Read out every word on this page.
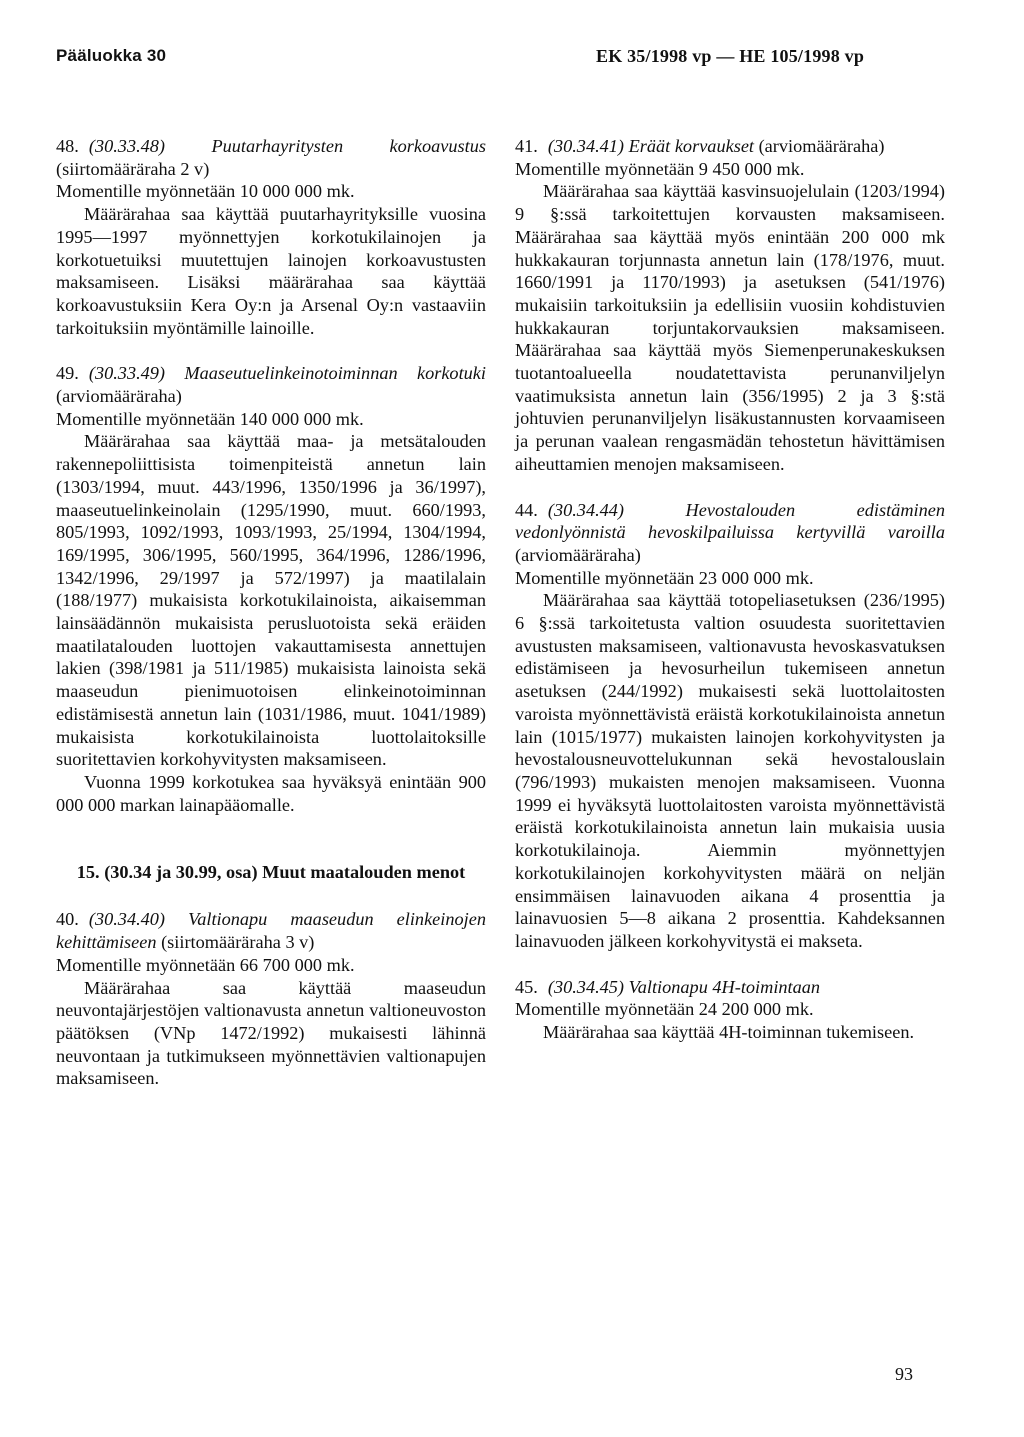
Pääluokka 30	EK 35/1998 vp — HE 105/1998 vp

48. (30.33.48)	Puutarhayritysten korkoavustus (siirtomääräraha 2 v)

Momentille myönnetään 10 000 000 mk.

Määrärahaa saa käyttää puutarhayrityksille vuosina 1995—1997 myönnettyjen korkotukilainojen ja korkotuetuiksi muutettujen lainojen korkoavustusten maksamiseen. Lisäksi määrärahaa saa käyttää korkoavustuksiin Kera Oy:n ja Arsenal Oy:n vastaaviin tarkoituksiin myöntämille lainoille.

49. (30.33.49) Maaseutuelinkeinotoiminnan korkotuki (arviomääräraha)

Momentille myönnetään 140 000 000 mk.

Määrärahaa saa käyttää maa- ja metsätalouden rakennepoliittisista toimenpiteistä annetun lain (1303/1994, muut. 443/1996, 1350/1996 ja 36/1997), maaseutuelinkeinolain (1295/1990, muut. 660/1993, 805/1993, 1092/1993, 1093/1993, 25/1994, 1304/1994, 169/1995, 306/1995, 560/1995, 364/1996, 1286/1996, 1342/1996, 29/1997 ja 572/1997) ja maatilalain (188/1977) mukaisista korkotukilainoista, aikaisemman lainsäädännön mukaisista perusluotoista sekä eräiden maatilatalouden luottojen vakauttamisesta annettujen lakien (398/1981 ja 511/1985) mukaisista lainoista sekä maaseudun pienimuotoisen elinkeinotoiminnan edistämisestä annetun lain (1031/1986, muut. 1041/1989) mukaisista korkotukilainoista luottolaitoksille suoritettavien korkohyvitysten maksamiseen.

Vuonna 1999 korkotukea saa hyväksyä enintään 900 000 000 markan lainapääomalle.

15. (30.34 ja 30.99, osa) Muut maatalouden menot

40. (30.34.40) Valtionapu maaseudun elinkeinojen kehittämiseen (siirtomääräraha 3 v)

Momentille myönnetään 66 700 000 mk.

Määrärahaa saa käyttää maaseudun neuvontajärjestöjen valtionavusta annetun valtioneuvoston päätöksen (VNp 1472/1992) mukaisesti lähinnä neuvontaan ja tutkimukseen myönnettävien valtionapujen maksamiseen.

41. (30.34.41) Eräät korvaukset (arviomääräraha)

Momentille myönnetään 9 450 000 mk.

Määrärahaa saa käyttää kasvinsuojelulain (1203/1994) 9 §:ssä tarkoitettujen korvausten maksamiseen. Määrärahaa saa käyttää myös enintään 200 000 mk hukkakauran torjunnasta annetun lain (178/1976, muut. 1660/1991 ja 1170/1993) ja asetuksen (541/1976) mukaisiin tarkoituksiin ja edellisiin vuosiin kohdistuvien hukkakauran torjuntakorvauksien maksamiseen. Määrärahaa saa käyttää myös Siemenperunakeskuksen tuotantoalueella noudatettavista perunanviljelyn vaatimuksista annetun lain (356/1995) 2 ja 3 §:stä johtuvien perunanviljelyn lisäkustannusten korvaamiseen ja perunan vaalean rengasmädän tehostetun hävittämisen aiheuttamien menojen maksamiseen.

44. (30.34.44)	Hevostalouden edistäminen vedonlyönnistä hevoskilpailuissa kertyvillä varoilla (arviomääräraha)

Momentille myönnetään 23 000 000 mk.

Määrärahaa saa käyttää totopeliasetuksen (236/1995) 6 §:ssä tarkoitetusta valtion osuudesta suoritettavien avustusten maksamiseen, valtionavusta hevoskasvatuksen edistämiseen ja hevosurheilun tukemiseen annetun asetuksen (244/1992) mukaisesti sekä luottolaitosten varoista myönnettävistä eräistä korkotukilainoista annetun lain (1015/1977) mukaisten lainojen korkohyvitysten ja hevostalousneuvottelukunnan sekä hevostalouslain (796/1993) mukaisten menojen maksamiseen. Vuonna 1999 ei hyväksytä luottolaitosten varoista myönnettävistä eräistä korkotukilainoista annetun lain mukaisia uusia korkotukilainoja. Aiemmin myönnettyjen korkotukilainojen korkohyvitysten määrä on neljän ensimmäisen lainavuoden aikana 4 prosenttia ja lainavuosien 5—8 aikana 2 prosenttia. Kahdeksannen lainavuoden jälkeen korkohyvitystä ei makseta.

45. (30.34.45) Valtionapu 4H-toimintaan

Momentille myönnetään 24 200 000 mk.

Määrärahaa saa käyttää 4H-toiminnan tukemiseen.

93
